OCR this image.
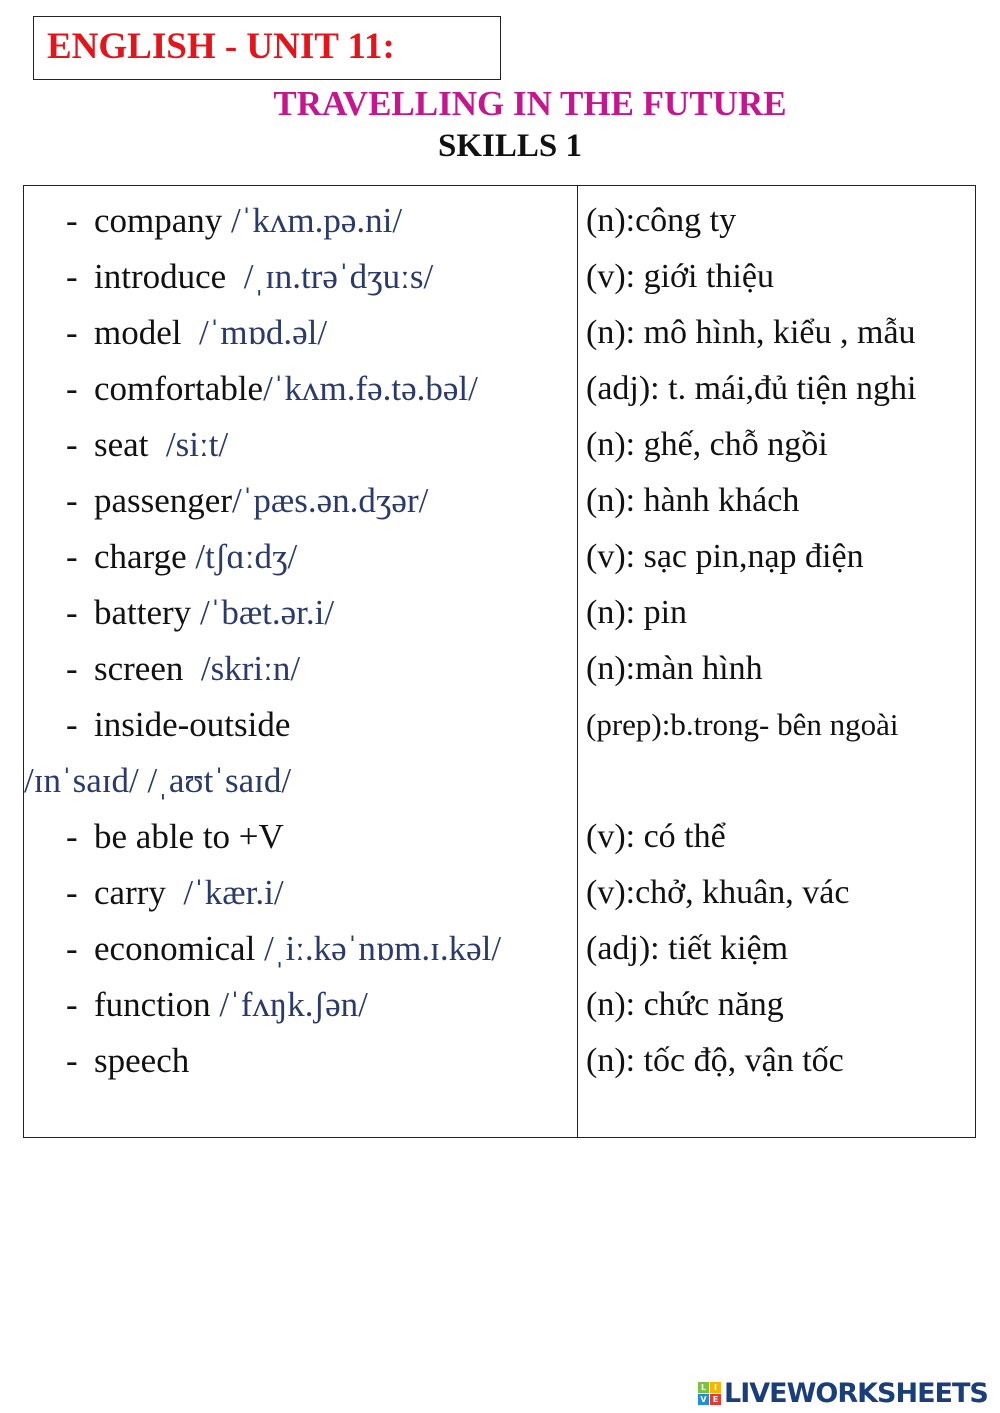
ENGLISH - UNIT 11:
TRAVELLING IN THE FUTURE
SKILLS 1
- company /ˈkʌm.pə.ni/
- introduce  /ˌɪn.trəˈdʒuːs/
- model  /ˈmɒd.əl/
- comfortable/ˈkʌm.fə.tə.bəl/
- seat  /siːt/
- passenger/ˈpæs.ən.dʒər/
- charge /tʃɑːdʒ/
- battery /ˈbæt.ər.i/
- screen  /skriːn/
- inside-outside
/ɪnˈsaɪd/ /ˌaʊtˈsaɪd/
- be able to +V
- carry  /ˈkær.i/
- economical /ˌiː.kəˈnɒm.ɪ.kəl/
- function /ˈfʌŋk.ʃən/
- speech
(n):công ty
(v): giới thiệu
(n): mô hình, kiểu , mẫu
(adj): t. mái,đủ tiện nghi
(n): ghế, chỗ ngồi
(n): hành khách
(v): sạc pin,nạp điện
(n): pin
(n):màn hình
(prep):b.trong- bên ngoài
(v): có thể
(v):chở, khuân, vác
(adj): tiết kiệm
(n): chức năng
(n): tốc độ, vận tốc
L I
V E LIVEWORKSHEETS
